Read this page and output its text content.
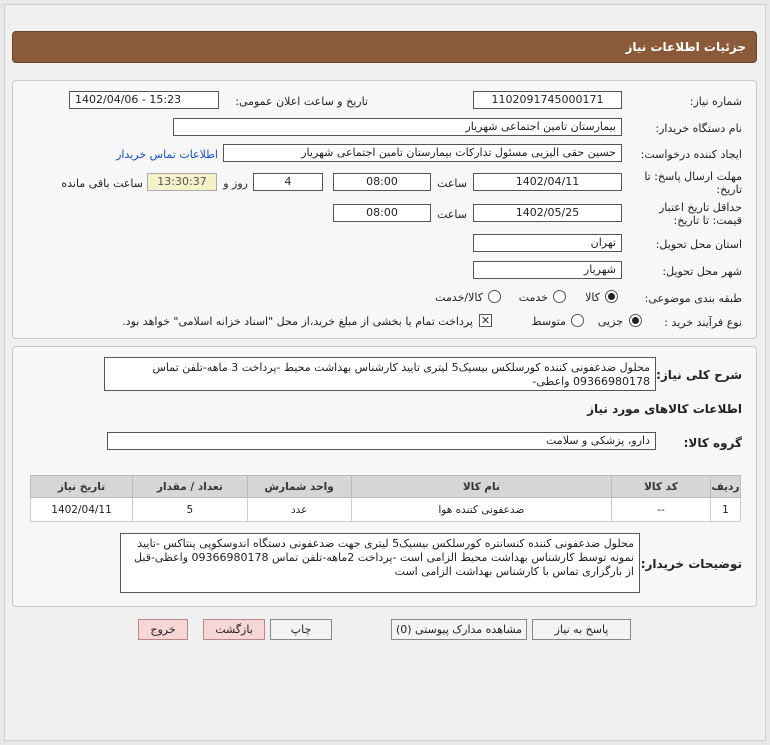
جزئیات اطلاعات نیاز
شماره نیاز:
1102091745000171
تاریخ و ساعت اعلان عمومی:
1402/04/06 - 15:23
نام دستگاه خریدار:
بیمارستان تامین اجتماعی شهریار
ایجاد کننده درخواست:
حسین حقی الیزیی مسئول تدارکات بیمارستان تامین اجتماعی شهریار
اطلاعات تماس خریدار
مهلت ارسال پاسخ: تا
تاریخ:
1402/04/11
ساعت
08:00
4
روز و
13:30:37
ساعت باقی مانده
حداقل تاریخ اعتبار
قیمت: تا تاریخ:
1402/05/25
ساعت
08:00
استان محل تحویل:
تهران
شهر محل تحویل:
شهریار
طبقه بندی موضوعی:
کالا
خدمت
کالا/خدمت
نوع فرآیند خرید :
جزیی
متوسط
✕
پرداخت تمام یا بخشی از مبلغ خرید،از محل "اسناد خزانه اسلامی" خواهد بود.
شرح کلی نیاز:
محلول ضدعفونی کننده کورسلکس بیسیک5 لیتری تایید کارشناس بهداشت محیط -پرداخت 3 ماهه-تلفن تماس 09366980178 واعظی-
اطلاعات کالاهای مورد نیاز
گروه کالا:
دارو، پزشکی و سلامت
ردیف	کد کالا	نام کالا	واحد شمارش	تعداد / مقدار	تاریخ نیاز
1	--	ضدعفونی کننده هوا	عدد	5	1402/04/11
توضیحات خریدار:
محلول ضدعفونی کننده کنسانتره کورسلکس بیسیک5 لیتری جهت ضدعفونی دستگاه اندوسکوپی پنتاکس -تایید نمونه توسط کارشناس بهداشت محیط الزامی است -پرداخت 2ماهه-تلفن تماس 09366980178 واعظی-قبل از بارگزاری تماس با کارشناس بهداشت الزامی است
پاسخ به نیاز
مشاهده مدارک پیوستی (0)
چاپ
بازگشت
خروج
